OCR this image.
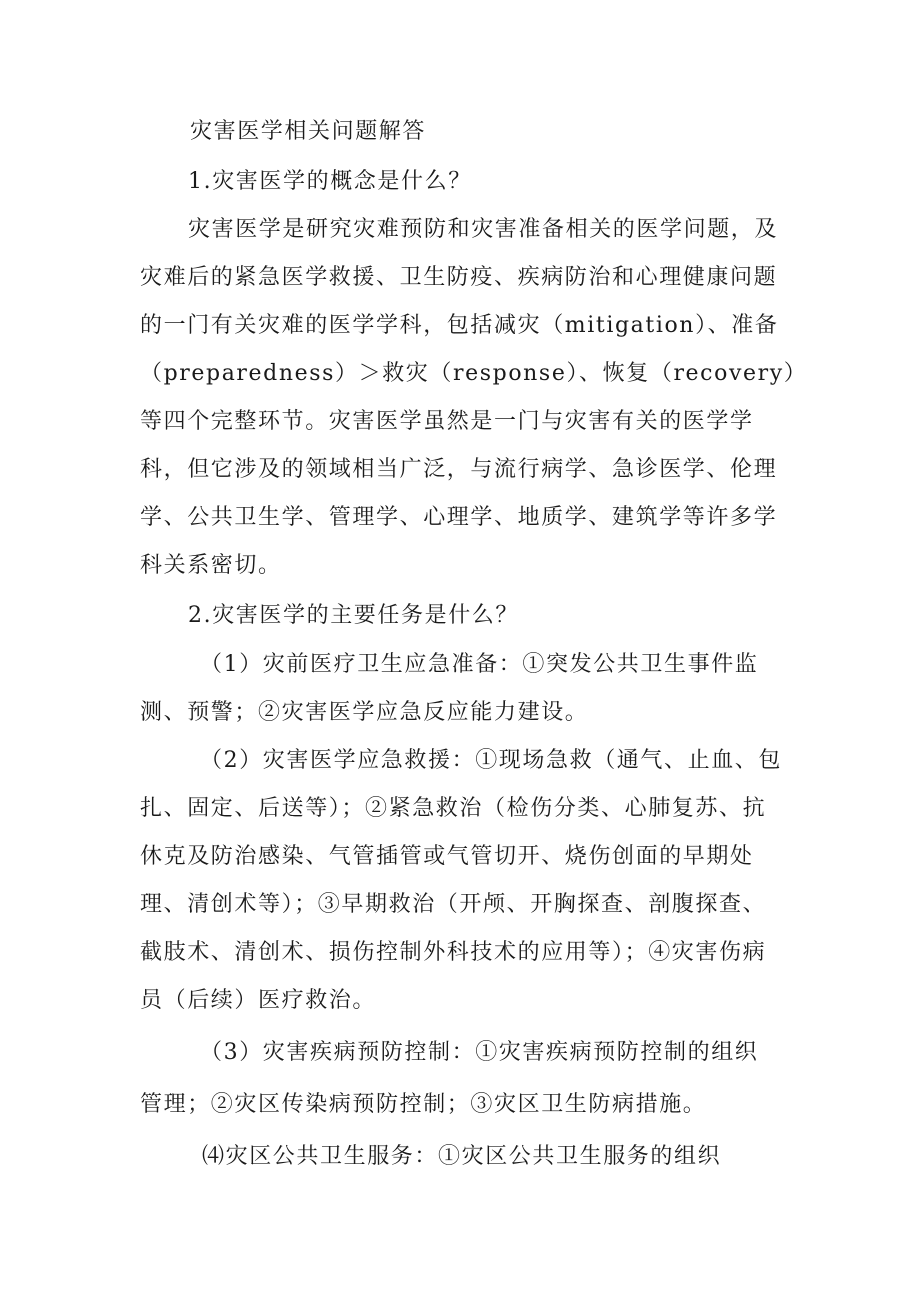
灾害医学相关问题解答

1.灾害医学的概念是什么？

灾害医学是研究灾难预防和灾害准备相关的医学问题，及

灾难后的紧急医学救援、卫生防疫、疾病防治和心理健康问题

的一门有关灾难的医学学科，包括减灾（mitigation）、准备

（preparedness）＞救灾（response）、恢复（recovery）

等四个完整环节。灾害医学虽然是一门与灾害有关的医学学

科，但它涉及的领域相当广泛，与流行病学、急诊医学、伦理

学、公共卫生学、管理学、心理学、地质学、建筑学等许多学

科关系密切。

2.灾害医学的主要任务是什么？

（1）灾前医疗卫生应急准备：①突发公共卫生事件监

测、预警；②灾害医学应急反应能力建设。

（2）灾害医学应急救援：①现场急救（通气、止血、包

扎、固定、后送等）；②紧急救治（检伤分类、心肺复苏、抗

休克及防治感染、气管插管或气管切开、烧伤创面的早期处

理、清创术等）；③早期救治（开颅、开胸探查、剖腹探查、

截肢术、清创术、损伤控制外科技术的应用等）；④灾害伤病

员（后续）医疗救治。

（3）灾害疾病预防控制：①灾害疾病预防控制的组织

管理；②灾区传染病预防控制；③灾区卫生防病措施。

⑷灾区公共卫生服务：①灾区公共卫生服务的组织
